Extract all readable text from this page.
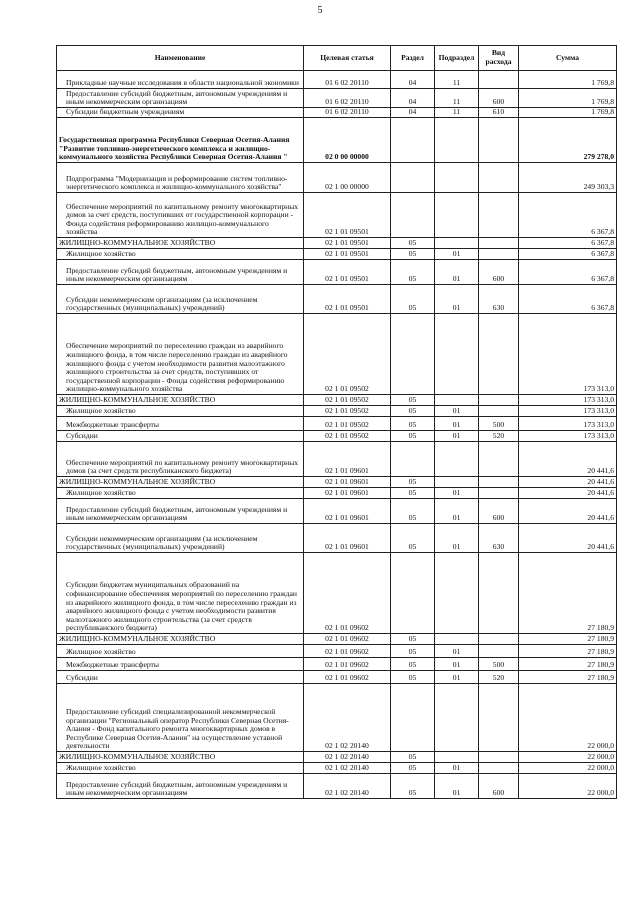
5
Наименование	Целевая статья	Раздел	Подраздел	Вид расхода	Сумма
Прикладные научные исследования в области национальной экономики	01 6 02 20110	04	11		1 769,8
Предоставление субсидий бюджетным, автономным учреждениям и иным некоммерческим организациям	01 6 02 20110	04	11	600	1 769,8
Субсидии бюджетным учреждениям	01 6 02 20110	04	11	610	1 769,8
Государственная программа Республики Северная Осетия-Алания "Развитие топливно-энергетического комплекса и жилищно-коммунального хозяйства Республики Северная Осетия-Алания "	02 0 00 00000				279 278,0
Подпрограмма "Модернизация и реформирование систем топливно-энергетического комплекса и жилищно-коммунального хозяйства"	02 1 00 00000				249 303,3
Обеспечение мероприятий по капитальному ремонту многоквартирных домов за счет средств, поступивших от государственной корпорации - Фонда содействия реформированию жилищно-коммунального хозяйства	02 1 01 09501				6 367,8
ЖИЛИЩНО-КОММУНАЛЬНОЕ ХОЗЯЙСТВО	02 1 01 09501	05			6 367,8
Жилищное хозяйство	02 1 01 09501	05	01		6 367,8
Предоставление субсидий бюджетным, автономным учреждениям и иным некоммерческим организациям	02 1 01 09501	05	01	600	6 367,8
Субсидии некоммерческим организациям (за исключением государственных (муниципальных) учреждений)	02 1 01 09501	05	01	630	6 367,8
Обеспечение мероприятий по переселению граждан из аварийного жилищного фонда, в том числе переселению граждан из аварийного жилищного фонда с учетом необходимости развития малоэтажного жилищного строительства за счет средств, поступивших от государственной корпорации - Фонда содействия реформированию жилищно-коммунального хозяйства	02 1 01 09502				173 313,0
ЖИЛИЩНО-КОММУНАЛЬНОЕ ХОЗЯЙСТВО	02 1 01 09502	05			173 313,0
Жилищное хозяйство	02 1 01 09502	05	01		173 313,0
Межбюджетные трансферты	02 1 01 09502	05	01	500	173 313,0
Субсидии	02 1 01 09502	05	01	520	173 313,0
Обеспечение мероприятий по капитальному ремонту многоквартирных домов (за счет средств республиканского бюджета)	02 1 01 09601				20 441,6
ЖИЛИЩНО-КОММУНАЛЬНОЕ ХОЗЯЙСТВО	02 1 01 09601	05			20 441,6
Жилищное хозяйство	02 1 01 09601	05	01		20 441,6
Предоставление субсидий бюджетным, автономным учреждениям и иным некоммерческим организациям	02 1 01 09601	05	01	600	20 441,6
Субсидии некоммерческим организациям (за исключением государственных (муниципальных) учреждений)	02 1 01 09601	05	01	630	20 441,6
Субсидии бюджетам муниципальных образований на софинансирование обеспечения мероприятий по переселению граждан из аварийного жилищного фонда, в том числе переселению граждан из аварийного жилищного фонда с учетом необходимости развития малоэтажного жилищного строительства (за счет средств республиканского бюджета)	02 1 01 09602				27 180,9
ЖИЛИЩНО-КОММУНАЛЬНОЕ ХОЗЯЙСТВО	02 1 01 09602	05			27 180,9
Жилищное хозяйство	02 1 01 09602	05	01		27 180,9
Межбюджетные трансферты	02 1 01 09602	05	01	500	27 180,9
Субсидии	02 1 01 09602	05	01	520	27 180,9
Предоставление субсидий специализированной некоммерческой организации "Региональный оператор Республики Северная Осетия-Алания - Фонд капитального ремонта многоквартирных домов в Республике Северная Осетия-Алания" на осуществление уставной деятельности	02 1 02 20140				22 000,0
ЖИЛИЩНО-КОММУНАЛЬНОЕ ХОЗЯЙСТВО	02 1 02 20140	05			22 000,0
Жилищное хозяйство	02 1 02 20140	05	01		22 000,0
Предоставление субсидий бюджетным, автономным учреждениям и иным некоммерческим организациям	02 1 02 20140	05	01	600	22 000,0
